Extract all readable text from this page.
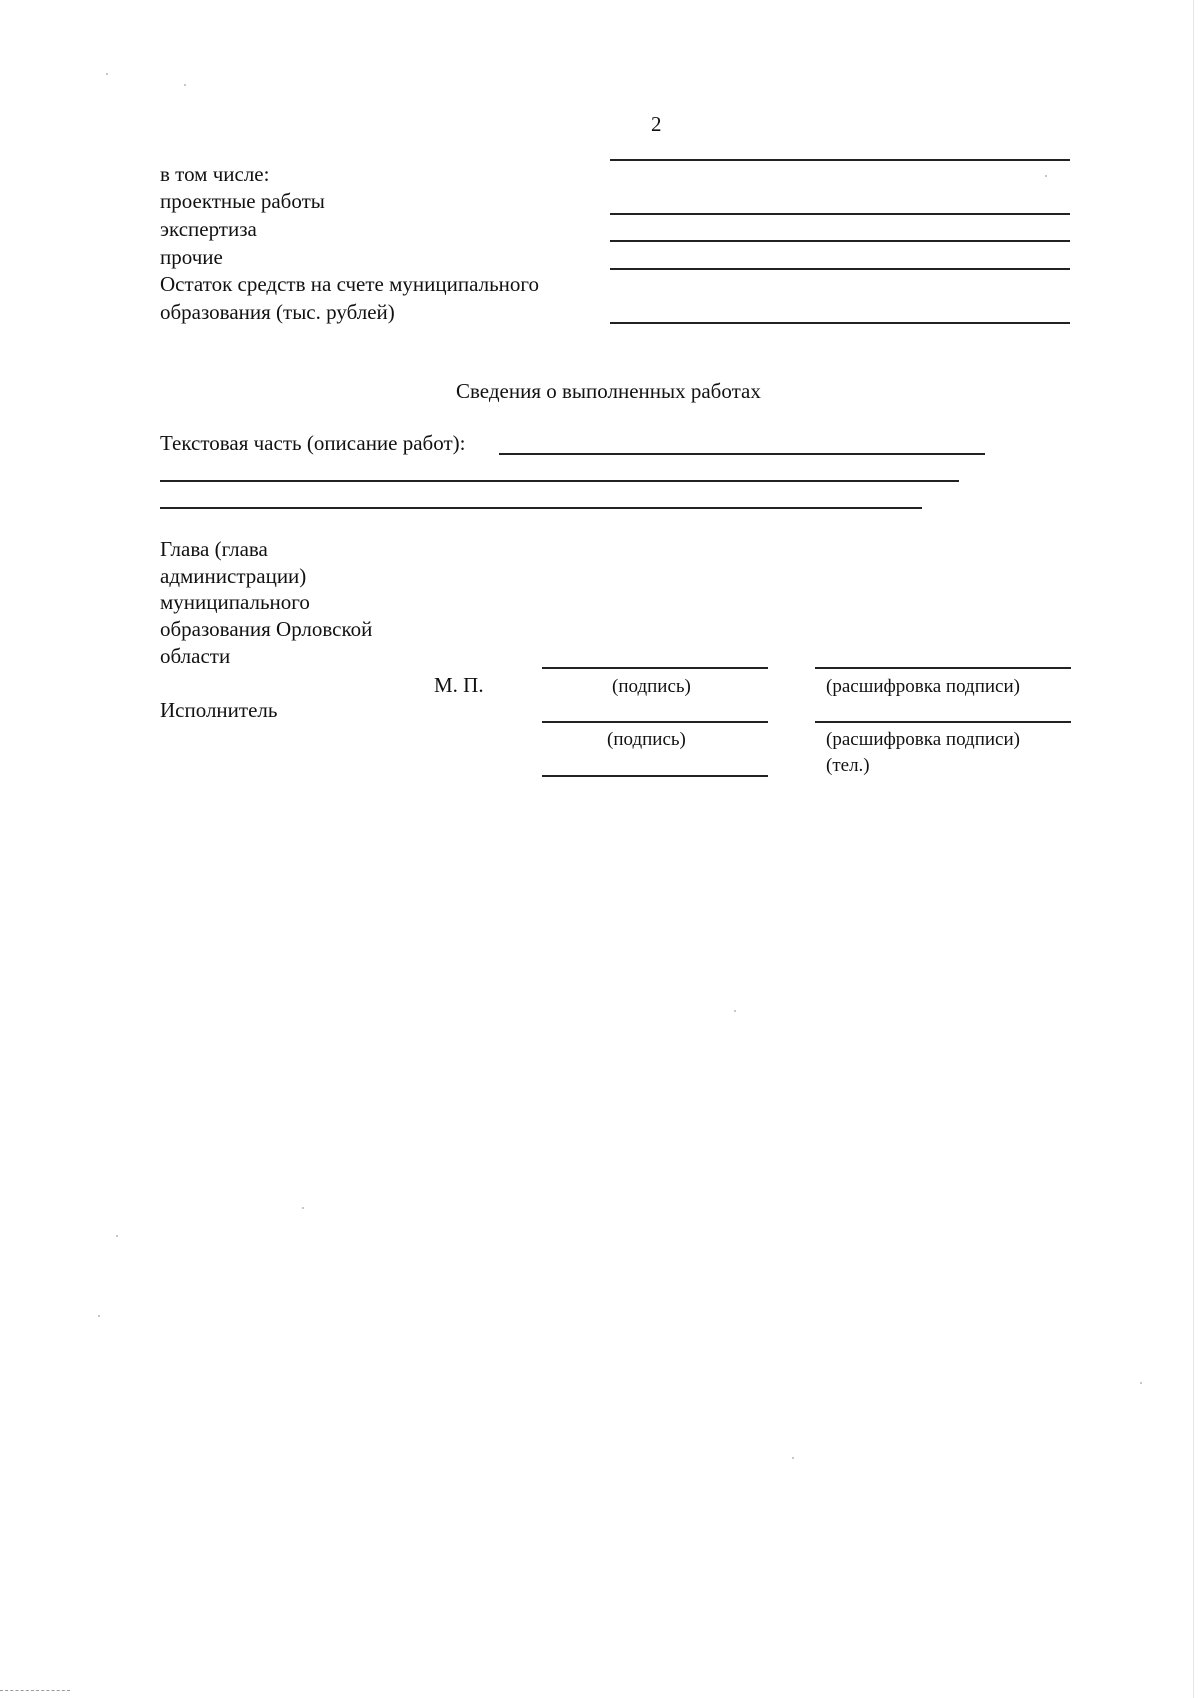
2
в том числе:
проектные работы
экспертиза
прочие
Остаток средств на счете муниципального
образования (тыс. рублей)
Сведения о выполненных работах
Текстовая часть (описание работ):
Глава (глава
администрации)
муниципального
образования Орловской
области
М. П.	(подпись)	(расшифровка подписи)
Исполнитель
(подпись)	(расшифровка подписи)
(тел.)
